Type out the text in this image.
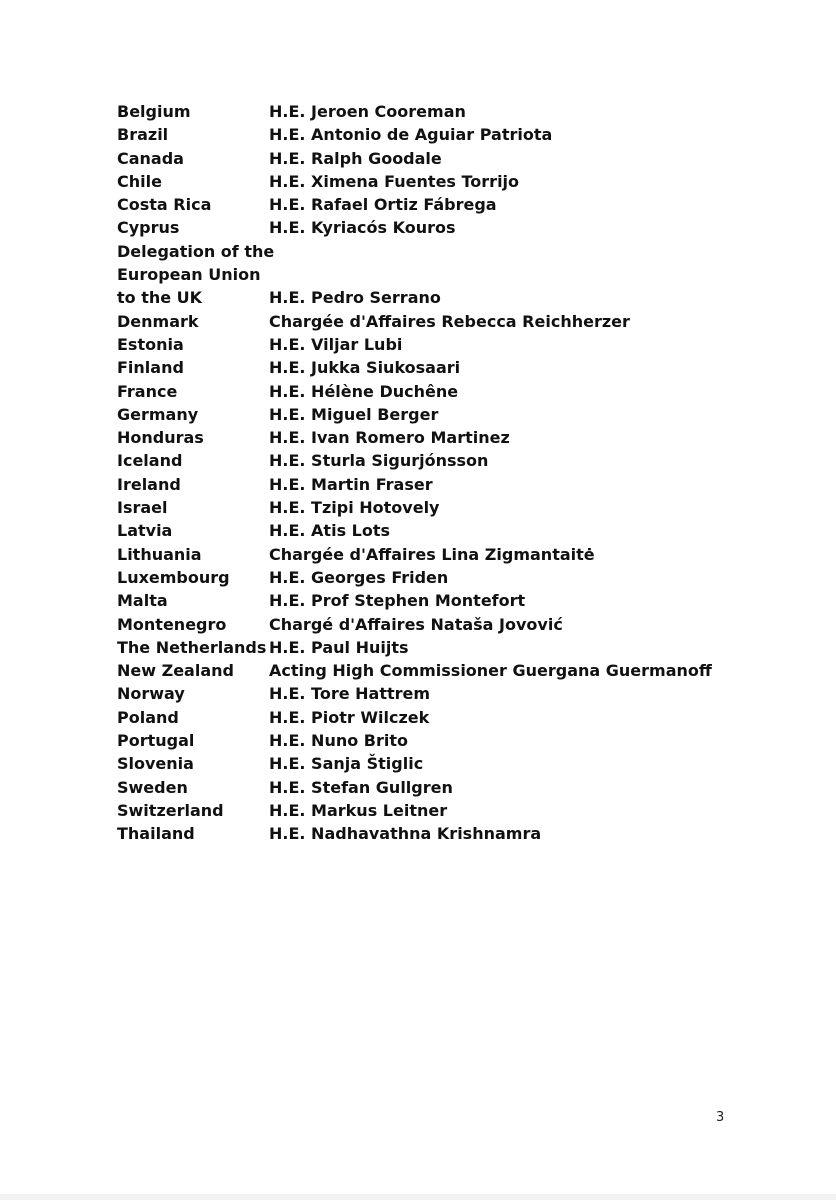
Belgium	H.E. Jeroen Cooreman
Brazil	H.E. Antonio de Aguiar Patriota
Canada	H.E. Ralph Goodale
Chile	H.E. Ximena Fuentes Torrijo
Costa Rica	H.E. Rafael Ortiz Fábrega
Cyprus	H.E. Kyriacós Kouros
Delegation of the
European Union
to the UK	H.E. Pedro Serrano
Denmark	Chargée d'Affaires Rebecca Reichherzer
Estonia	H.E. Viljar Lubi
Finland	H.E. Jukka Siukosaari
France	H.E. Hélène Duchêne
Germany	H.E. Miguel Berger
Honduras	H.E. Ivan Romero Martinez
Iceland	H.E. Sturla Sigurjónsson
Ireland	H.E. Martin Fraser
Israel	H.E. Tzipi Hotovely
Latvia	H.E. Atis Lots
Lithuania	Chargée d'Affaires Lina Zigmantaitė
Luxembourg	H.E. Georges Friden
Malta	H.E. Prof Stephen Montefort
Montenegro	Chargé d'Affaires Nataša Jovović
The Netherlands H.E. Paul Huijts
New Zealand	Acting High Commissioner Guergana Guermanoff
Norway	H.E. Tore Hattrem
Poland	H.E. Piotr Wilczek
Portugal	H.E. Nuno Brito
Slovenia	H.E. Sanja Štiglic
Sweden	H.E. Stefan Gullgren
Switzerland	H.E. Markus Leitner
Thailand	H.E. Nadhavathna Krishnamra
3
